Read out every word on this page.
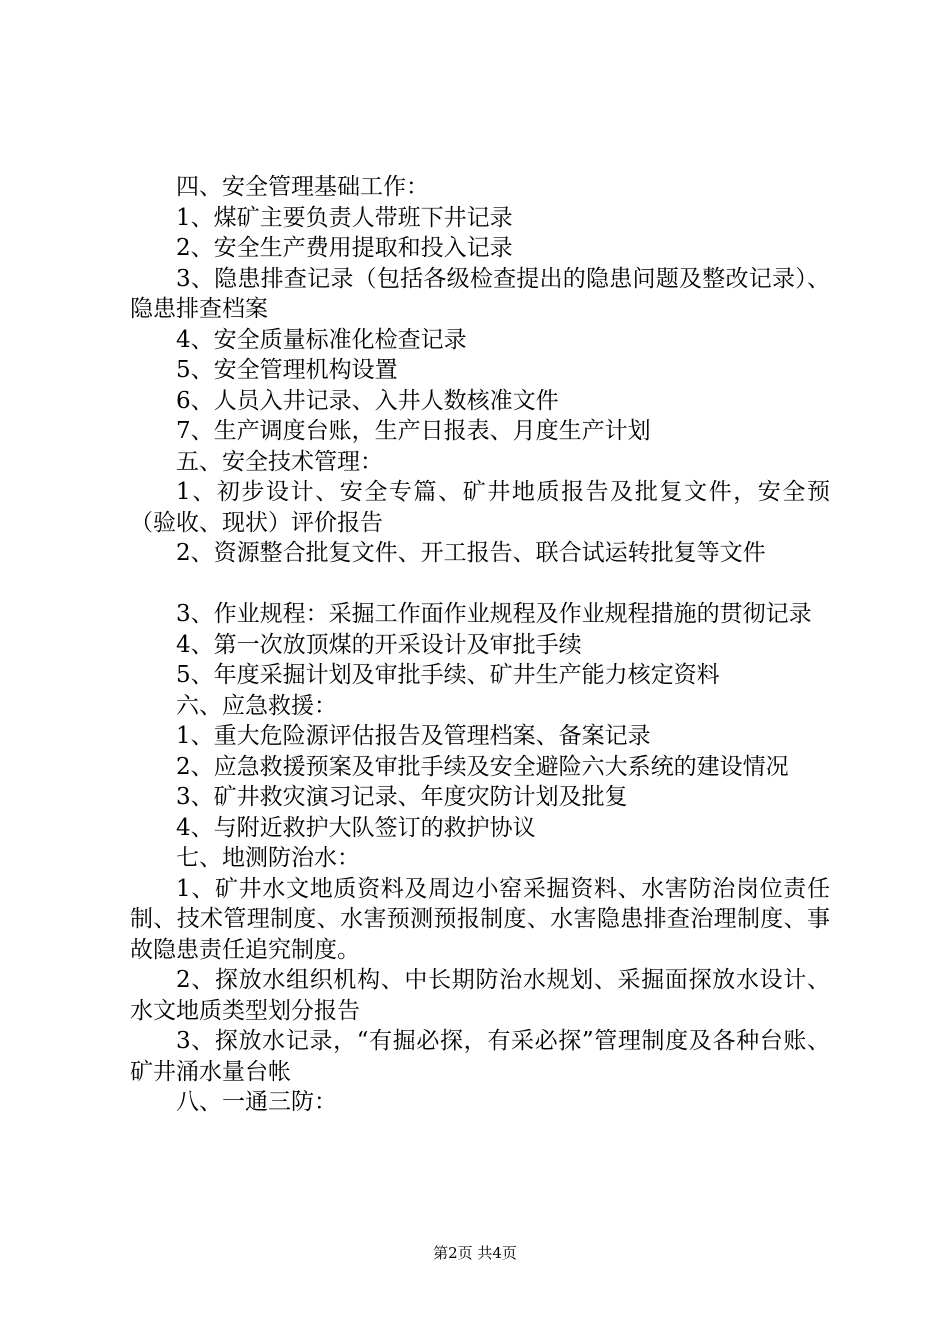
四、安全管理基础工作：

1、煤矿主要负责人带班下井记录

2、安全生产费用提取和投入记录

3、隐患排查记录（包括各级检查提出的隐患问题及整改记录）、隐患排查档案

4、安全质量标准化检查记录

5、安全管理机构设置

6、人员入井记录、入井人数核准文件

7、生产调度台账，生产日报表、月度生产计划

五、安全技术管理：

1、初步设计、安全专篇、矿井地质报告及批复文件，安全预（验收、现状）评价报告

2、资源整合批复文件、开工报告、联合试运转批复等文件

3、作业规程：采掘工作面作业规程及作业规程措施的贯彻记录

4、第一次放顶煤的开采设计及审批手续

5、年度采掘计划及审批手续、矿井生产能力核定资料

六、应急救援：

1、重大危险源评估报告及管理档案、备案记录

2、应急救援预案及审批手续及安全避险六大系统的建设情况

3、矿井救灾演习记录、年度灾防计划及批复

4、与附近救护大队签订的救护协议

七、地测防治水：

1、矿井水文地质资料及周边小窑采掘资料、水害防治岗位责任制、技术管理制度、水害预测预报制度、水害隐患排查治理制度、事故隐患责任追究制度。

2、探放水组织机构、中长期防治水规划、采掘面探放水设计、水文地质类型划分报告

3、探放水记录，“有掘必探，有采必探”管理制度及各种台账、矿井涌水量台帐

八、一通三防：

第2页 共4页
